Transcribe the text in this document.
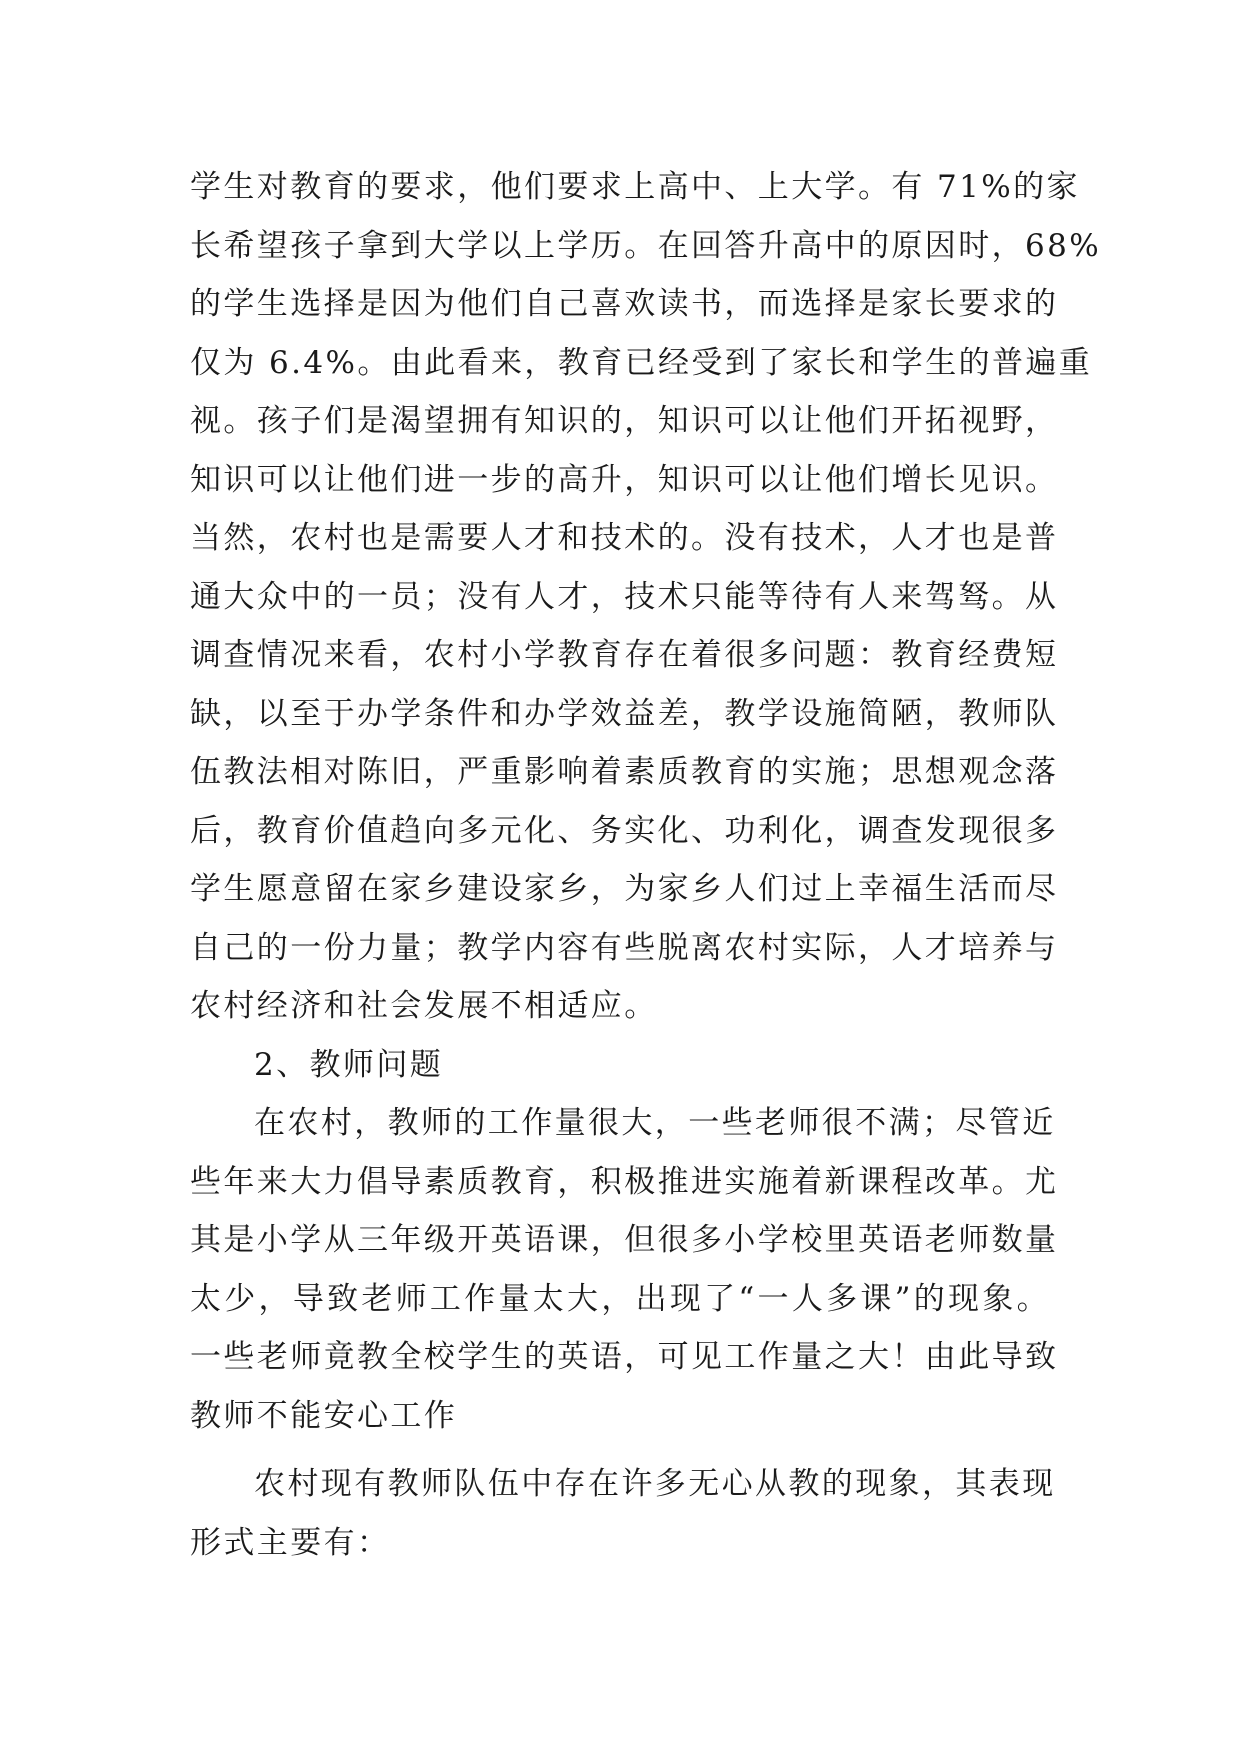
学生对教育的要求，他们要求上高中、上大学。有 71%的家
长希望孩子拿到大学以上学历。在回答升高中的原因时，68%
的学生选择是因为他们自己喜欢读书，而选择是家长要求的
仅为 6.4%。由此看来，教育已经受到了家长和学生的普遍重
视。孩子们是渴望拥有知识的，知识可以让他们开拓视野，
知识可以让他们进一步的高升，知识可以让他们增长见识。
当然，农村也是需要人才和技术的。没有技术，人才也是普
通大众中的一员；没有人才，技术只能等待有人来驾驽。从
调查情况来看，农村小学教育存在着很多问题：教育经费短
缺，以至于办学条件和办学效益差，教学设施简陋，教师队
伍教法相对陈旧，严重影响着素质教育的实施；思想观念落
后，教育价值趋向多元化、务实化、功利化，调查发现很多
学生愿意留在家乡建设家乡，为家乡人们过上幸福生活而尽
自己的一份力量；教学内容有些脱离农村实际，人才培养与
农村经济和社会发展不相适应。
2、教师问题
在农村，教师的工作量很大，一些老师很不满；尽管近
些年来大力倡导素质教育，积极推进实施着新课程改革。尤
其是小学从三年级开英语课，但很多小学校里英语老师数量
太少，导致老师工作量太大，出现了“一人多课”的现象。
一些老师竟教全校学生的英语，可见工作量之大！由此导致
教师不能安心工作
农村现有教师队伍中存在许多无心从教的现象，其表现
形式主要有：
